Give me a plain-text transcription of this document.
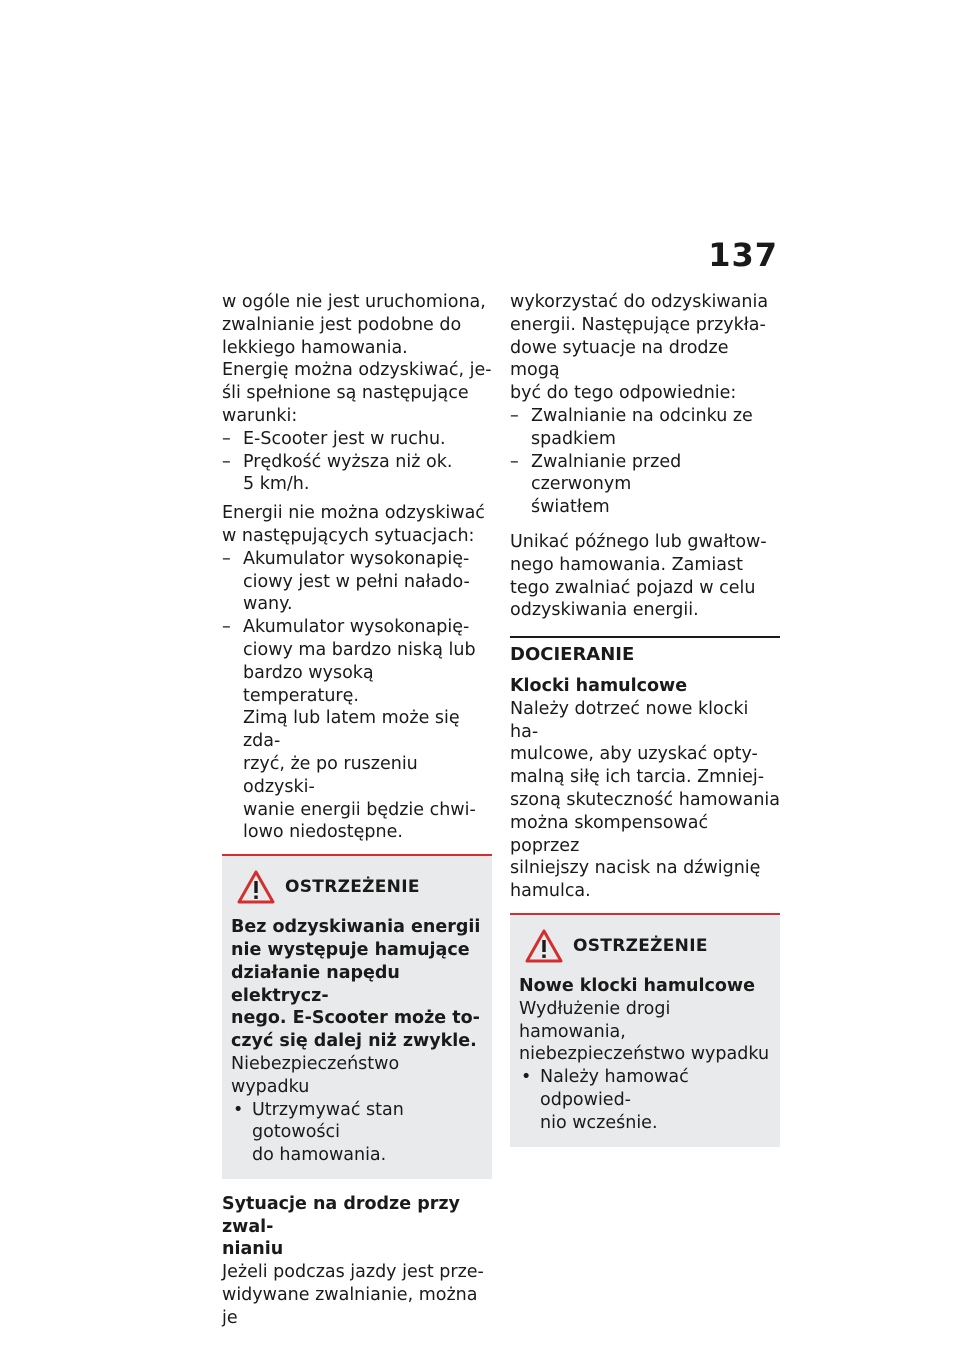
137

w ogóle nie jest uruchomiona,
zwalnianie jest podobne do
lekkiego hamowania.

Energię można odzyskiwać, je-
śli spełnione są następujące
warunki:

– E-Scooter jest w ruchu.
– Prędkość wyższa niż ok.
5 km/h.

Energii nie można odzyskiwać
w następujących sytuacjach:

– Akumulator wysokonapię-
ciowy jest w pełni nałado-
wany.
– Akumulator wysokonapię-
ciowy ma bardzo niską lub
bardzo wysoką temperaturę.
Zimą lub latem może się zda-
rzyć, że po ruszeniu odzyski-
wanie energii będzie chwi-
lowo niedostępne.
OSTRZEŻENIE

Bez odzyskiwania energii
nie występuje hamujące
działanie napędu elektrycz-
nego. E-Scooter może to-
czyć się dalej niż zwykle.

Niebezpieczeństwo wypadku

• Utrzymywać stan gotowości
do hamowania.

Sytuacje na drodze przy zwal-
nianiu

Jeżeli podczas jazdy jest prze-
widywane zwalnianie, można je

wykorzystać do odzyskiwania
energii. Następujące przykła-
dowe sytuacje na drodze mogą
być do tego odpowiednie:

– Zwalnianie na odcinku ze
spadkiem
– Zwalnianie przed czerwonym
światłem

Unikać późnego lub gwałtow-
nego hamowania. Zamiast
tego zwalniać pojazd w celu
odzyskiwania energii.

DOCIERANIE

Klocki hamulcowe

Należy dotrzeć nowe klocki ha-
mulcowe, aby uzyskać opty-
malną siłę ich tarcia. Zmniej-
szoną skuteczność hamowania
można skompensować poprzez
silniejszy nacisk na dźwignię
hamulca.

OSTRZEŻENIE

Nowe klocki hamulcowe

Wydłużenie drogi hamowania,
niebezpieczeństwo wypadku

• Należy hamować odpowied-
nio wcześnie.
